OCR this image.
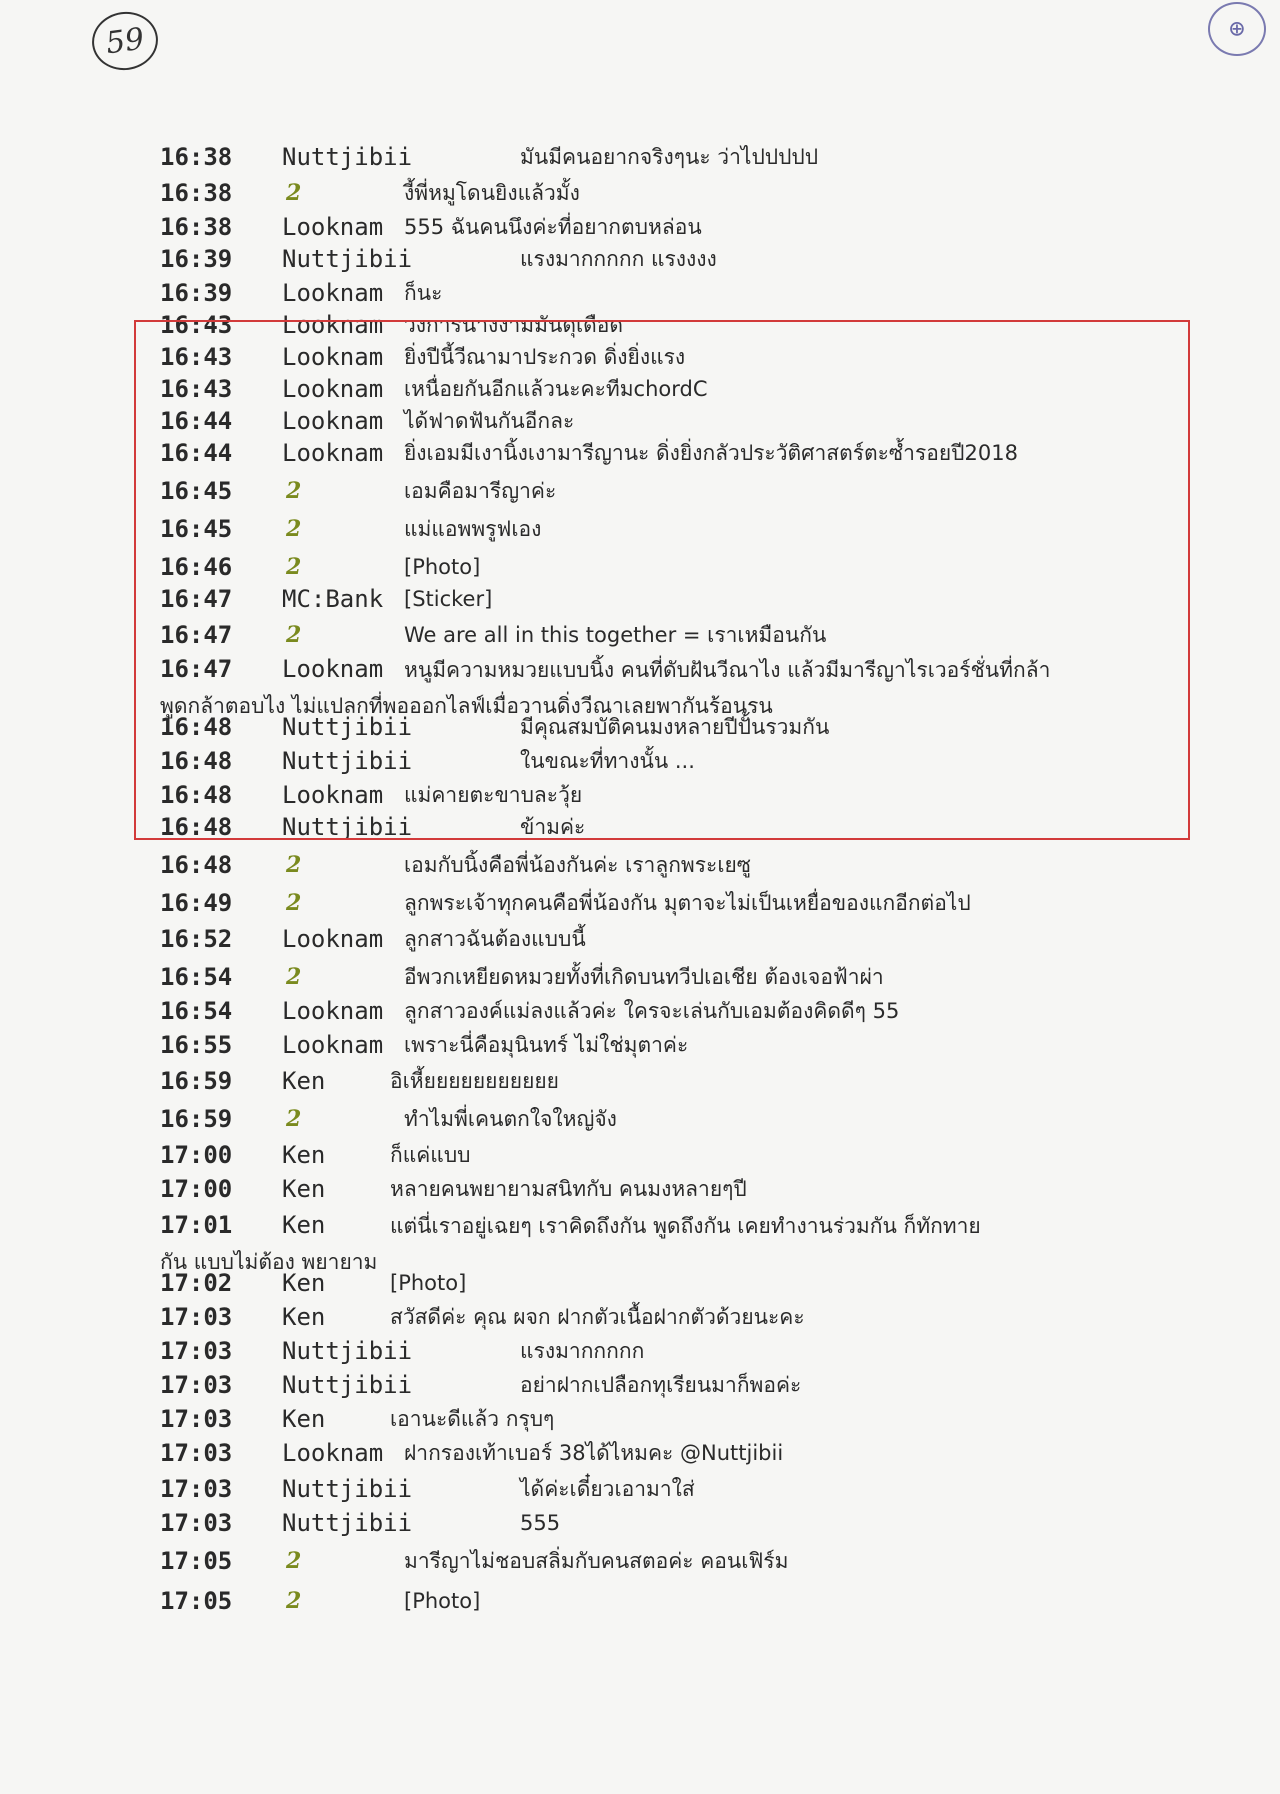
59	⊕
16:38 Nuttjibii	มันมีคนอยากจริงๆนะ ว่าไปปปปป
16:38 2	งี้พี่หมูโดนยิงแล้วมั้ง
16:38 Looknam 555 ฉันคนนึงค่ะที่อยากตบหล่อน
16:39 Nuttjibii	แรงมากกกกก แรงงงง
16:39 Looknam ก็นะ
16:43 Looknam วงการนางงามมันดุเดือด
16:43 Looknam ยิ่งปีนี้วีณามาประกวด ดิ่งยิ่งแรง
16:43 Looknam เหนื่อยกันอีกแล้วนะคะทีมchordC
16:44 Looknam ได้ฟาดฟันกันอีกละ
16:44 Looknam ยิ่งเอมมีเงานิ้งเงามารีญานะ ดิ่งยิ่งกลัวประวัติศาสตร์ตะซ้ำรอยปี2018
16:45 2	เอมคือมารีญาค่ะ
16:45 2	แม่แอพพรูฟเอง
16:46 2	[Photo]
16:47 MC:Bank [Sticker]
16:47 2	We are all in this together = เราเหมือนกัน
16:47 Looknam หนูมีความหมวยแบบนิ้ง คนที่ดับฝันวีณาไง แล้วมีมารีญาไรเวอร์ชั่นที่กล้า
พูดกล้าตอบไง ไม่แปลกที่พอออกไลฟ์เมื่อวานดิ่งวีณาเลยพากันร้อนรน
16:48 Nuttjibii	มีคุณสมบัติคนมงหลายปีปั้นรวมกัน
16:48 Nuttjibii	ในขณะที่ทางนั้น ...
16:48 Looknam แม่คายตะขาบละวุ้ย
16:48 Nuttjibii	ข้ามค่ะ
16:48 2	เอมกับนิ้งคือพี่น้องกันค่ะ เราลูกพระเยซู
16:49 2	ลูกพระเจ้าทุกคนคือพี่น้องกัน มุตาจะไม่เป็นเหยื่อของแกอีกต่อไป
16:52 Looknam ลูกสาวฉันต้องแบบนี้
16:54 2	อีพวกเหยียดหมวยทั้งที่เกิดบนทวีปเอเชีย ต้องเจอฟ้าผ่า
16:54 Looknam ลูกสาวองค์แม่ลงแล้วค่ะ ใครจะเล่นกับเอมต้องคิดดีๆ 55
16:55 Looknam เพราะนี่คือมุนินทร์ ไม่ใช่มุตาค่ะ
16:59 Ken	อิเหี้ยยยยยยยยยยย
16:59 2	ทำไมพี่เคนตกใจใหญ่จัง
17:00 Ken	ก็แค่แบบ
17:00 Ken	หลายคนพยายามสนิทกับ คนมงหลายๆปี
17:01 Ken	แต่นี่เราอยู่เฉยๆ เราคิดถึงกัน พูดถึงกัน เคยทำงานร่วมกัน ก็ทักทาย
กัน แบบไม่ต้อง พยายาม
17:02 Ken	[Photo]
17:03 Ken	สวัสดีค่ะ คุณ ผจก ฝากตัวเนื้อฝากตัวด้วยนะคะ
17:03 Nuttjibii	แรงมากกกกก
17:03 Nuttjibii	อย่าฝากเปลือกทุเรียนมาก็พอค่ะ
17:03 Ken	เอานะดีแล้ว กรุบๆ
17:03 Looknam ฝากรองเท้าเบอร์ 38ได้ไหมคะ @Nuttjibii
17:03 Nuttjibii	ได้ค่ะเดี๋ยวเอามาใส่
17:03 Nuttjibii	555
17:05 2	มารีญาไม่ชอบสลิ่มกับคนสตอค่ะ คอนเฟิร์ม
17:05 2	[Photo]
